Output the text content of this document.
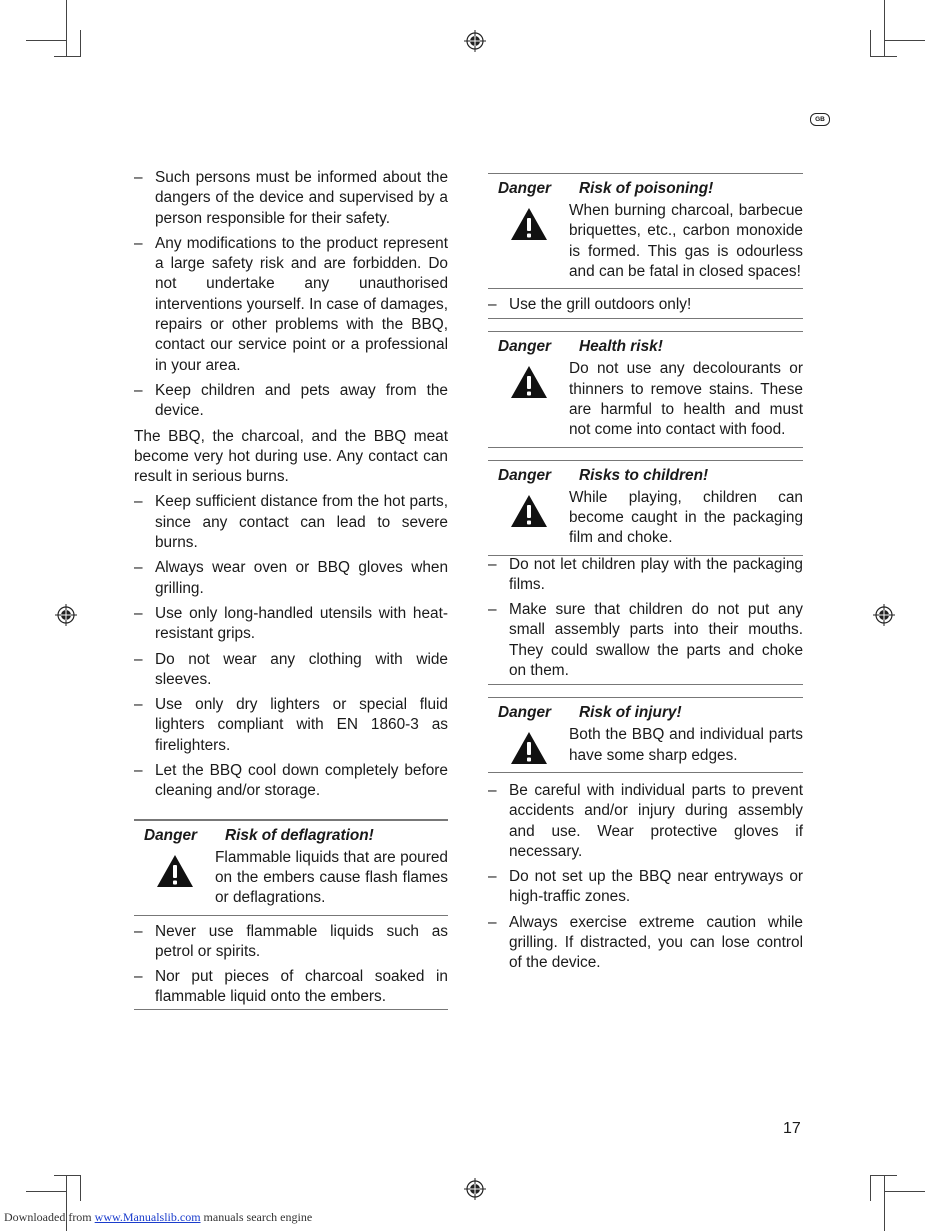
GB
– Such persons must be informed about the dangers of the device and supervised by a person responsible for their safety.
– Any modifications to the product represent a large safety risk and are forbidden. Do not undertake any unauthorised interventions yourself. In case of damages, repairs or other problems with the BBQ, contact our service point or a professional in your area.
– Keep children and pets away from the device.
The BBQ, the charcoal, and the BBQ meat become very hot during use. Any contact can result in serious burns.
– Keep sufficient distance from the hot parts, since any contact can lead to severe burns.
– Always wear oven or BBQ gloves when grilling.
– Use only long-handled utensils with heat-resistant grips.
– Do not wear any clothing with wide sleeves.
– Use only dry lighters or special fluid lighters compliant with EN 1860-3 as firelighters.
– Let the BBQ cool down completely before cleaning and/or storage.
Danger	Risk of deflagration!
Flammable liquids that are poured on the embers cause flash flames or deflagrations.
– Never use flammable liquids such as petrol or spirits.
– Nor put pieces of charcoal soaked in flammable liquid onto the embers.
Danger	Risk of poisoning!
When burning charcoal, barbecue briquettes, etc., carbon monoxide is formed. This gas is odourless and can be fatal in closed spaces!
– Use the grill outdoors only!
Danger	Health risk!
Do not use any decolourants or thinners to remove stains. These are harmful to health and must not come into contact with food.
Danger	Risks to children!
While playing, children can become caught in the packaging film and choke.
– Do not let children play with the packaging films.
– Make sure that children do not put any small assembly parts into their mouths. They could swallow the parts and choke on them.
Danger	Risk of injury!
Both the BBQ and individual parts have some sharp edges.
– Be careful with individual parts to prevent accidents and/or injury during assembly and use. Wear protective gloves if necessary.
– Do not set up the BBQ near entryways or high-traffic zones.
– Always exercise extreme caution while grilling. If distracted, you can lose control of the device.
17
Downloaded from www.Manualslib.com manuals search engine
